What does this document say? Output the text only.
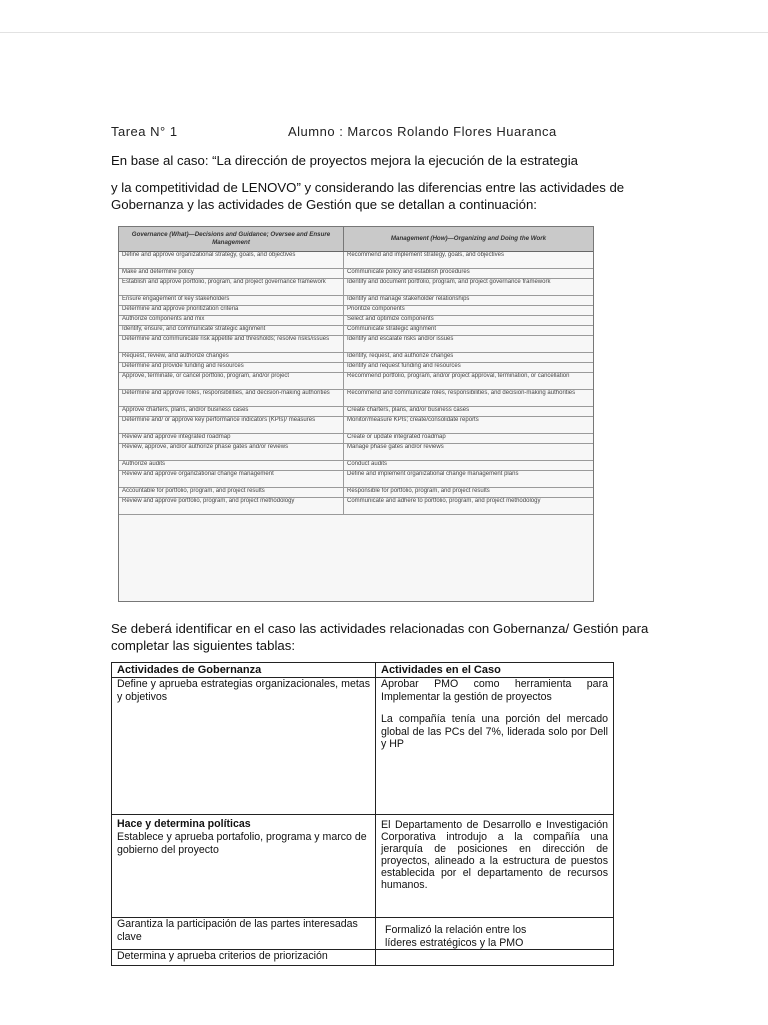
Tarea N° 1	Alumno : Marcos Rolando Flores Huaranca
En base al caso: “La dirección de proyectos mejora la ejecución de la estrategia
y la competitividad de LENOVO” y considerando las diferencias entre las actividades de
Gobernanza y las actividades de Gestión que se detallan a continuación:
Governance (What)—Decisions and Guidance; Oversee and Ensure Management
Management (How)—Organizing and Doing the Work
Define and approve organizational strategy, goals, and objectives	Recommend and implement strategy, goals, and objectives
Make and determine policy	Communicate policy and establish procedures
Establish and approve portfolio, program, and project governance framework	Identify and document portfolio, program, and project governance framework
Ensure engagement of key stakeholders	Identify and manage stakeholder relationships
Determine and approve prioritization criteria	Prioritize components
Authorize components and mix	Select and optimize components
Identify, ensure, and communicate strategic alignment	Communicate strategic alignment
Determine and communicate risk appetite and thresholds; resolve risks/issues	Identify and escalate risks and/or issues
Request, review, and authorize changes	Identify, request, and authorize changes
Determine and provide funding and resources	Identify and request funding and resources
Approve, terminate, or cancel portfolio, program, and/or project	Recommend portfolio, program, and/or project approval, termination, or cancellation
Determine and approve roles, responsibilities, and decision-making authorities	Recommend and communicate roles, responsibilities, and decision-making authorities
Approve charters, plans, and/or business cases	Create charters, plans, and/or business cases
Determine and/ or approve key performance indicators (KPIs)/ measures	Monitor/measure KPIs; create/consolidate reports
Review and approve integrated roadmap	Create or update integrated roadmap
Review, approve, and/or authorize phase gates and/or reviews	Manage phase gates and/or reviews
Authorize audits	Conduct audits
Review and approve organizational change management	Define and implement organizational change management plans
Accountable for portfolio, program, and project results	Responsible for portfolio, program, and project results
Review and approve portfolio, program, and project methodology	Communicate and adhere to portfolio, program, and project methodology
Se deberá identificar en el caso las actividades relacionadas con Gobernanza/ Gestión para
completar las siguientes tablas:
Actividades de Gobernanza	Actividades en el Caso

Define y aprueba estrategias organizacionales, metas y objetivos	Aprobar PMO como herramienta para Implementar la gestión de proyectos
La compañía tenía una porción del mercado global de las PCs del 7%, liderada solo por Dell y HP

Hace y determina políticas
Establece y aprueba portafolio, programa y marco de gobierno del proyecto	El Departamento de Desarrollo e Investigación Corporativa introdujo a la compañía una jerarquía de posiciones en dirección de proyectos, alineado a la estructura de puestos establecida por el departamento de recursos humanos.

Garantiza la participación de las partes interesadas clave	Formalizó la relación entre los líderes estratégicos y la PMO

Determina y aprueba criterios de priorización	
